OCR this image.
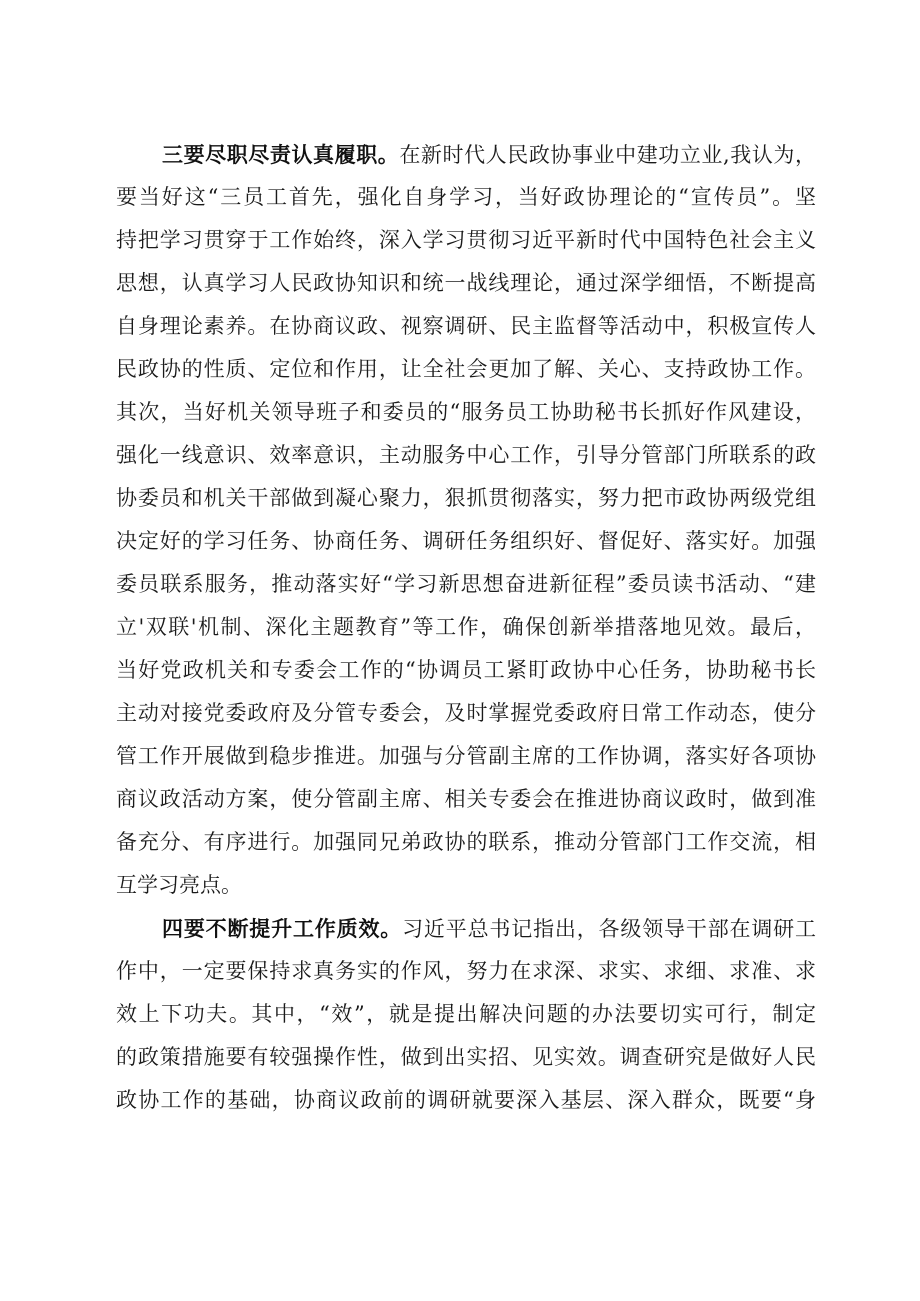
三要尽职尽责认真履职。在新时代人民政协事业中建功立业,我认为，
要当好这“三员工首先，强化自身学习，当好政协理论的“宣传员”。坚
持把学习贯穿于工作始终，深入学习贯彻习近平新时代中国特色社会主义
思想，认真学习人民政协知识和统一战线理论，通过深学细悟，不断提高
自身理论素养。在协商议政、视察调研、民主监督等活动中，积极宣传人
民政协的性质、定位和作用，让全社会更加了解、关心、支持政协工作。
其次，当好机关领导班子和委员的“服务员工协助秘书长抓好作风建设，
强化一线意识、效率意识，主动服务中心工作，引导分管部门所联系的政
协委员和机关干部做到凝心聚力，狠抓贯彻落实，努力把市政协两级党组
决定好的学习任务、协商任务、调研任务组织好、督促好、落实好。加强
委员联系服务，推动落实好“学习新思想奋进新征程”委员读书活动、“建
立'双联'机制、深化主题教育”等工作，确保创新举措落地见效。最后，
当好党政机关和专委会工作的“协调员工紧盯政协中心任务，协助秘书长
主动对接党委政府及分管专委会，及时掌握党委政府日常工作动态，使分
管工作开展做到稳步推进。加强与分管副主席的工作协调，落实好各项协
商议政活动方案，使分管副主席、相关专委会在推进协商议政时，做到准
备充分、有序进行。加强同兄弟政协的联系，推动分管部门工作交流，相
互学习亮点。
四要不断提升工作质效。习近平总书记指出，各级领导干部在调研工
作中，一定要保持求真务实的作风，努力在求深、求实、求细、求准、求
效上下功夫。其中，“效”，就是提出解决问题的办法要切实可行，制定
的政策措施要有较强操作性，做到出实招、见实效。调查研究是做好人民
政协工作的基础，协商议政前的调研就要深入基层、深入群众，既要“身
